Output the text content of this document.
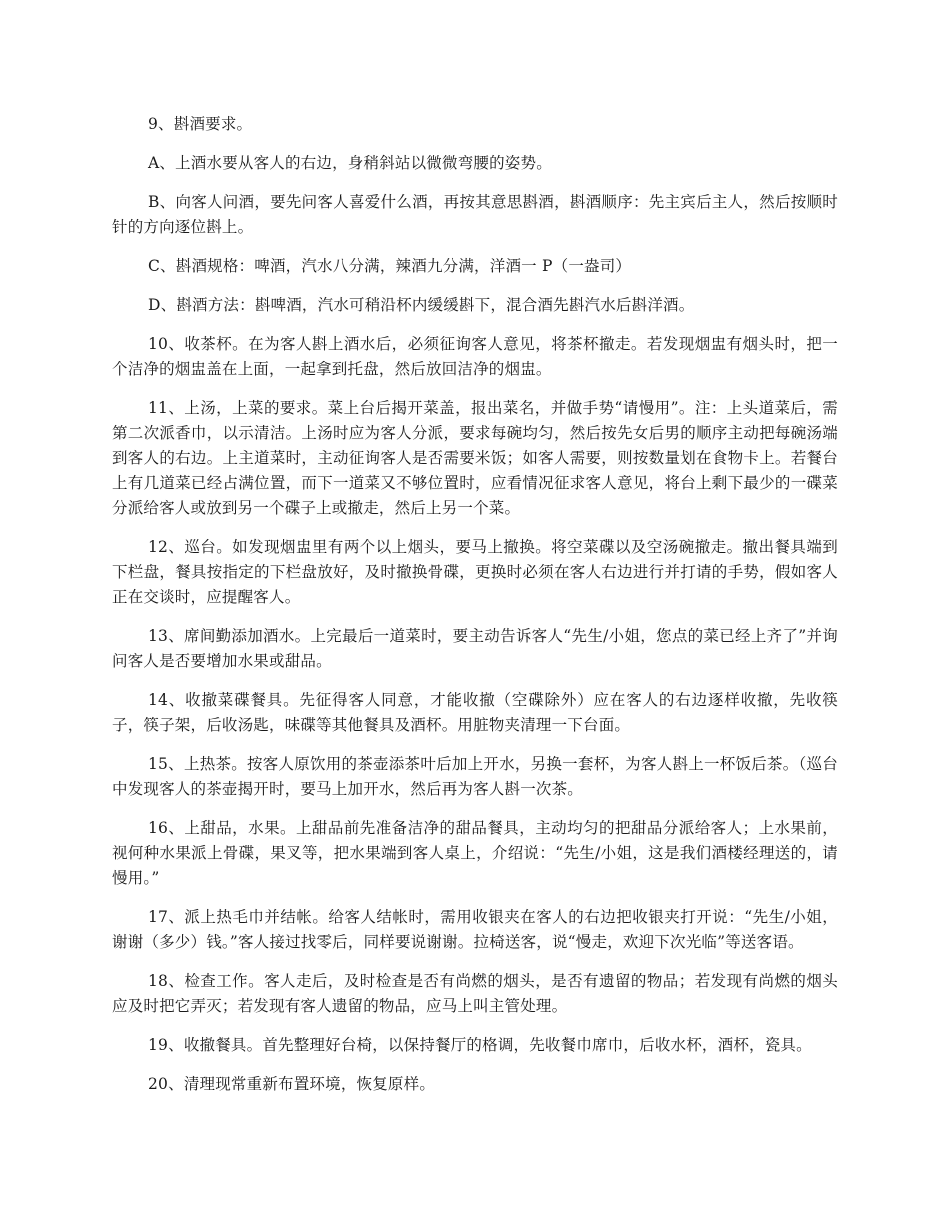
9、斟酒要求。

A、上酒水要从客人的右边，身稍斜站以微微弯腰的姿势。

B、向客人问酒，要先问客人喜爱什么酒，再按其意思斟酒，斟酒顺序：先主宾后主人，然后按顺时针的方向逐位斟上。

C、斟酒规格：啤酒，汽水八分满，辣酒九分满，洋酒一 P（一盎司）

D、斟酒方法：斟啤酒，汽水可稍沿杯内缓缓斟下，混合酒先斟汽水后斟洋酒。

10、收茶杯。在为客人斟上酒水后，必须征询客人意见，将茶杯撤走。若发现烟盅有烟头时，把一个洁净的烟盅盖在上面，一起拿到托盘，然后放回洁净的烟盅。

11、上汤，上菜的要求。菜上台后揭开菜盖，报出菜名，并做手势“请慢用”。注：上头道菜后，需第二次派香巾，以示清洁。上汤时应为客人分派，要求每碗均匀，然后按先女后男的顺序主动把每碗汤端到客人的右边。上主道菜时，主动征询客人是否需要米饭；如客人需要，则按数量划在食物卡上。若餐台上有几道菜已经占满位置，而下一道菜又不够位置时，应看情况征求客人意见，将台上剩下最少的一碟菜分派给客人或放到另一个碟子上或撤走，然后上另一个菜。

12、巡台。如发现烟盅里有两个以上烟头，要马上撤换。将空菜碟以及空汤碗撤走。撤出餐具端到下栏盘，餐具按指定的下栏盘放好，及时撤换骨碟，更换时必须在客人右边进行并打请的手势，假如客人正在交谈时，应提醒客人。

13、席间勤添加酒水。上完最后一道菜时，要主动告诉客人“先生/小姐，您点的菜已经上齐了”并询问客人是否要增加水果或甜品。

14、收撤菜碟餐具。先征得客人同意，才能收撤（空碟除外）应在客人的右边逐样收撤，先收筷子，筷子架，后收汤匙，味碟等其他餐具及酒杯。用脏物夹清理一下台面。

15、上热茶。按客人原饮用的茶壶添茶叶后加上开水，另换一套杯，为客人斟上一杯饭后茶。（巡台中发现客人的茶壶揭开时，要马上加开水，然后再为客人斟一次茶。

16、上甜品，水果。上甜品前先准备洁净的甜品餐具，主动均匀的把甜品分派给客人；上水果前，视何种水果派上骨碟，果叉等，把水果端到客人桌上，介绍说：“先生/小姐，这是我们酒楼经理送的，请慢用。”

17、派上热毛巾并结帐。给客人结帐时，需用收银夹在客人的右边把收银夹打开说：“先生/小姐，谢谢（多少）钱。”客人接过找零后，同样要说谢谢。拉椅送客，说“慢走，欢迎下次光临”等送客语。

18、检查工作。客人走后，及时检查是否有尚燃的烟头，是否有遗留的物品；若发现有尚燃的烟头应及时把它弄灭；若发现有客人遗留的物品，应马上叫主管处理。

19、收撤餐具。首先整理好台椅，以保持餐厅的格调，先收餐巾席巾，后收水杯，酒杯，瓷具。

20、清理现常重新布置环境，恢复原样。
